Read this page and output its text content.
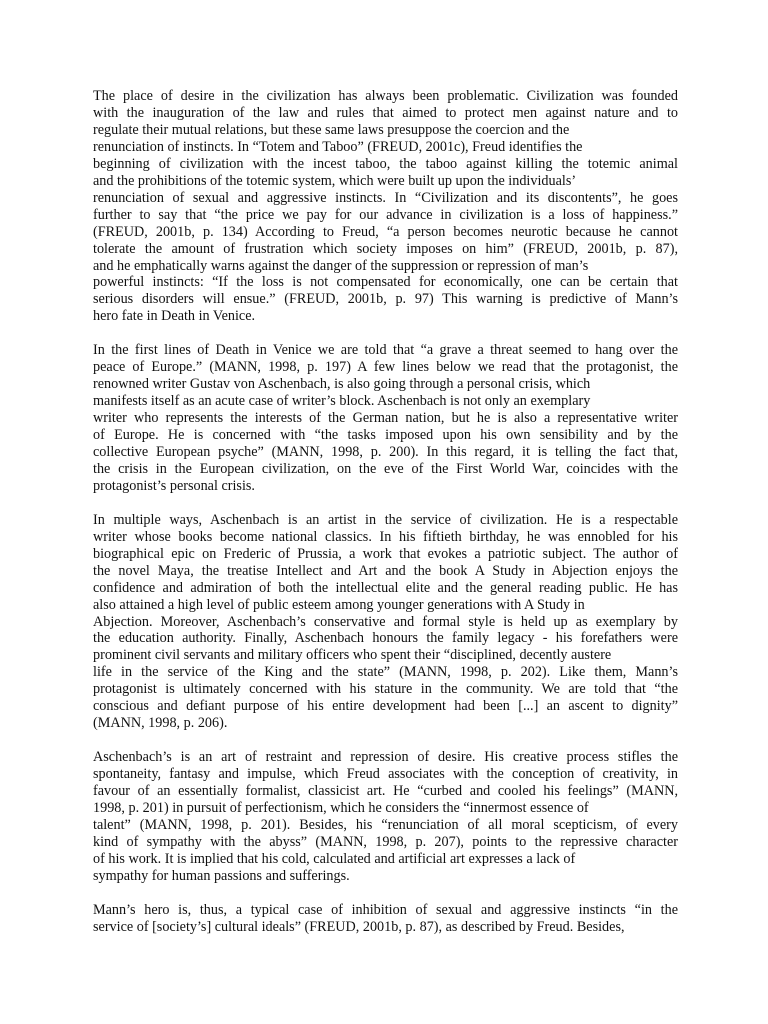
The place of desire in the civilization has always been problematic. Civilization was founded
with the inauguration of the law and rules that aimed to protect men against nature and to
regulate their mutual relations, but these same laws presuppose the coercion and the
renunciation of instincts. In “Totem and Taboo” (FREUD, 2001c), Freud identifies the
beginning of civilization with the incest taboo, the taboo against killing the totemic animal
and the prohibitions of the totemic system, which were built up upon the individuals’
renunciation of sexual and aggressive instincts. In “Civilization and its discontents”, he goes
further to say that “the price we pay for our advance in civilization is a loss of happiness.”
(FREUD, 2001b, p. 134) According to Freud, “a person becomes neurotic because he cannot
tolerate the amount of frustration which society imposes on him” (FREUD, 2001b, p. 87),
and he emphatically warns against the danger of the suppression or repression of man’s
powerful instincts: “If the loss is not compensated for economically, one can be certain that
serious disorders will ensue.” (FREUD, 2001b, p. 97) This warning is predictive of Mann’s
hero fate in Death in Venice.

In the first lines of Death in Venice we are told that “a grave a threat seemed to hang over the
peace of Europe.” (MANN, 1998, p. 197) A few lines below we read that the protagonist, the
renowned writer Gustav von Aschenbach, is also going through a personal crisis, which
manifests itself as an acute case of writer’s block. Aschenbach is not only an exemplary
writer who represents the interests of the German nation, but he is also a representative writer
of Europe. He is concerned with “the tasks imposed upon his own sensibility and by the
collective European psyche” (MANN, 1998, p. 200). In this regard, it is telling the fact that,
the crisis in the European civilization, on the eve of the First World War, coincides with the
protagonist’s personal crisis.

In multiple ways, Aschenbach is an artist in the service of civilization. He is a respectable
writer whose books become national classics. In his fiftieth birthday, he was ennobled for his
biographical epic on Frederic of Prussia, a work that evokes a patriotic subject. The author of
the novel Maya, the treatise Intellect and Art and the book A Study in Abjection enjoys the
confidence and admiration of both the intellectual elite and the general reading public. He has
also attained a high level of public esteem among younger generations with A Study in
Abjection. Moreover, Aschenbach’s conservative and formal style is held up as exemplary by
the education authority. Finally, Aschenbach honours the family legacy - his forefathers were
prominent civil servants and military officers who spent their “disciplined, decently austere
life in the service of the King and the state” (MANN, 1998, p. 202). Like them, Mann’s
protagonist is ultimately concerned with his stature in the community. We are told that “the
conscious and defiant purpose of his entire development had been [...] an ascent to dignity”
(MANN, 1998, p. 206).

Aschenbach’s is an art of restraint and repression of desire. His creative process stifles the
spontaneity, fantasy and impulse, which Freud associates with the conception of creativity, in
favour of an essentially formalist, classicist art. He “curbed and cooled his feelings” (MANN,
1998, p. 201) in pursuit of perfectionism, which he considers the “innermost essence of
talent” (MANN, 1998, p. 201). Besides, his “renunciation of all moral scepticism, of every
kind of sympathy with the abyss” (MANN, 1998, p. 207), points to the repressive character
of his work. It is implied that his cold, calculated and artificial art expresses a lack of
sympathy for human passions and sufferings.

Mann’s hero is, thus, a typical case of inhibition of sexual and aggressive instincts “in the
service of [society’s] cultural ideals” (FREUD, 2001b, p. 87), as described by Freud. Besides,
